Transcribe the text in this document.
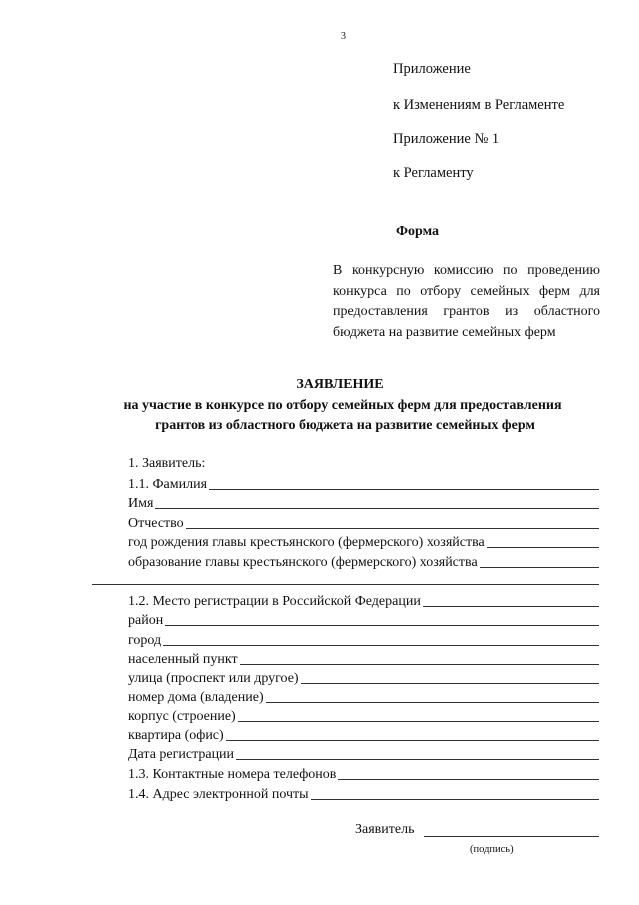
3
Приложение
к Изменениям в Регламенте
Приложение № 1
к Регламенту
Форма
В конкурсную комиссию по проведению
конкурса по отбору семейных ферм для
предоставления грантов из областного
бюджета на развитие семейных ферм
ЗАЯВЛЕНИЕ
на участие в конкурсе по отбору семейных ферм для предоставления
грантов из областного бюджета на развитие семейных ферм
1. Заявитель:
1.1. Фамилия
Имя
Отчество
год рождения главы крестьянского (фермерского) хозяйства
образование главы крестьянского (фермерского) хозяйства
1.2. Место регистрации в Российской Федерации
район
город
населенный пункт
улица (проспект или другое)
номер дома (владение)
корпус (строение)
квартира (офис)
Дата регистрации
1.3. Контактные номера телефонов
1.4. Адрес электронной почты
Заявитель
(подпись)
